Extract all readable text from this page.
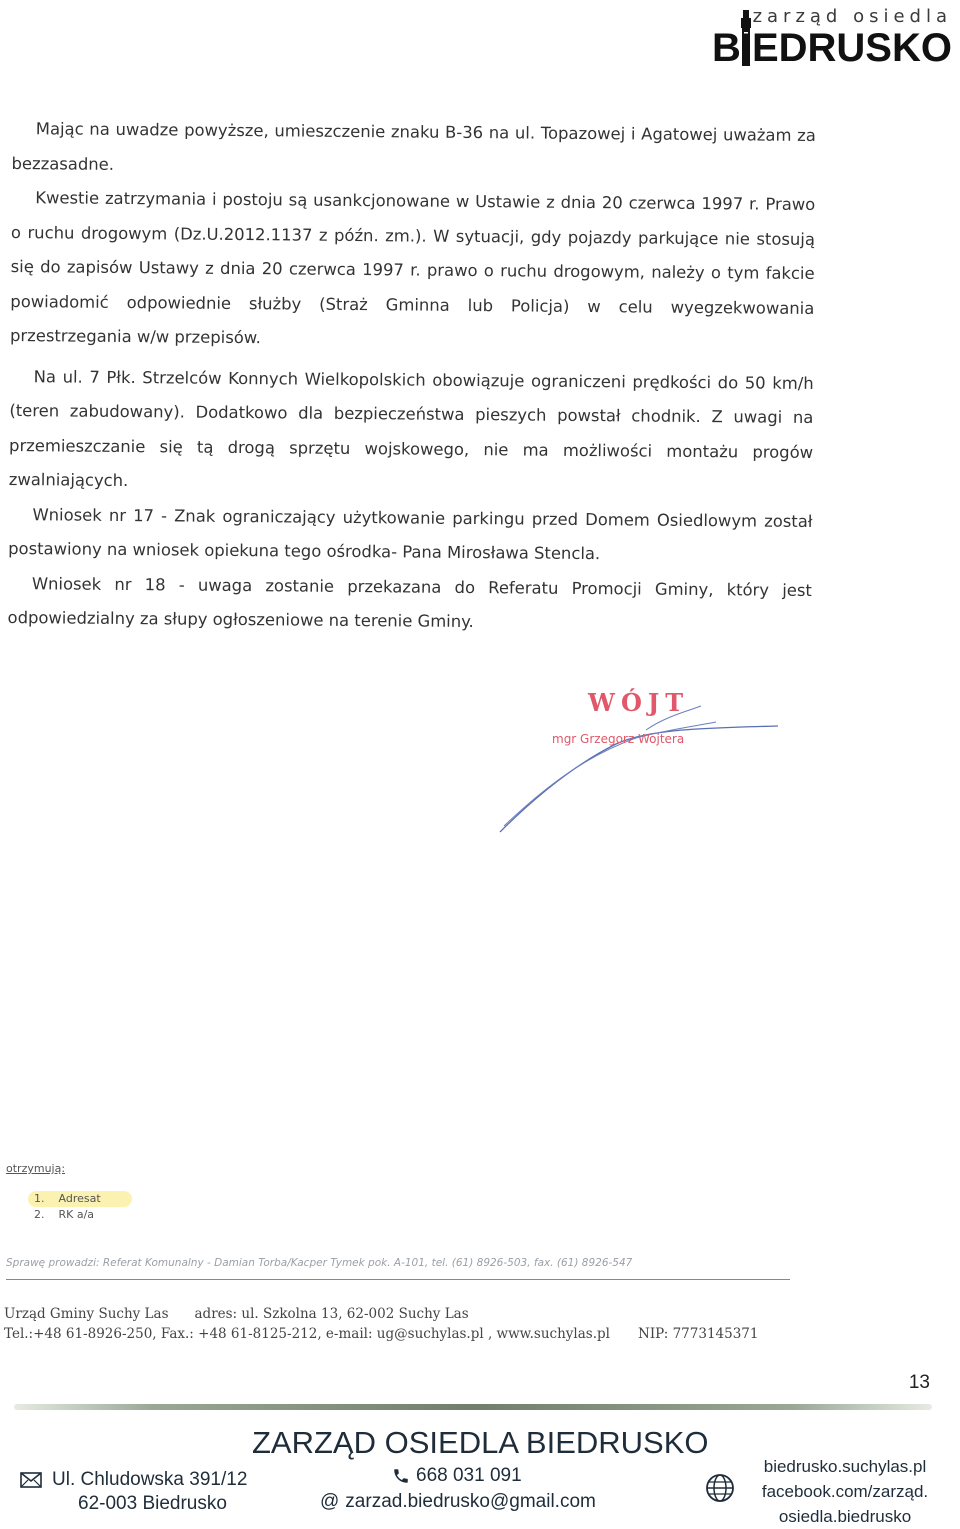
zarząd osiedla
BIEDRUSKO

Mając na uwadze powyższe, umieszczenie znaku B-36 na ul. Topazowej i Agatowej uważam za bezzasadne.

Kwestie zatrzymania i postoju są usankcjonowane w Ustawie z dnia 20 czerwca 1997 r. Prawo o ruchu drogowym (Dz.U.2012.1137 z późn. zm.). W sytuacji, gdy pojazdy parkujące nie stosują się do zapisów Ustawy z dnia 20 czerwca 1997 r. prawo o ruchu drogowym, należy o tym fakcie powiadomić odpowiednie służby (Straż Gminna lub Policja) w celu wyegzekwowania przestrzegania w/w przepisów.

Na ul. 7 Płk. Strzelców Konnych Wielkopolskich obowiązuje ograniczeni prędkości do 50 km/h (teren zabudowany). Dodatkowo dla bezpieczeństwa pieszych powstał chodnik. Z uwagi na przemieszczanie się tą drogą sprzętu wojskowego, nie ma możliwości montażu progów zwalniających.

Wniosek nr 17 - Znak ograniczający użytkowanie parkingu przed Domem Osiedlowym został postawiony na wniosek opiekuna tego ośrodka- Pana Mirosława Stencla.

Wniosek nr 18 - uwaga zostanie przekazana do Referatu Promocji Gminy, który jest odpowiedzialny za słupy ogłoszeniowe na terenie Gminy.

WÓJT
mgr Grzegorz Wojtera
otrzymują:
1. Adresat
2. RK a/a
Sprawę prowadzi: Referat Komunalny - Damian Torba/Kacper Tymek pok. A-101, tel. (61) 8926-503, fax. (61) 8926-547
Urząd Gminy Suchy Las adres: ul. Szkolna 13, 62-002 Suchy Las
Tel.:+48 61-8926-250, Fax.: +48 61-8125-212, e-mail: ug@suchylas.pl , www.suchylas.pl	NIP: 7773145371
13
ZARZĄD OSIEDLA BIEDRUSKO
Ul. Chludowska 391/12
62-003 Biedrusko
668 031 091
@ zarzad.biedrusko@gmail.com
biedrusko.suchylas.pl
facebook.com/zarząd.
osiedla.biedrusko
